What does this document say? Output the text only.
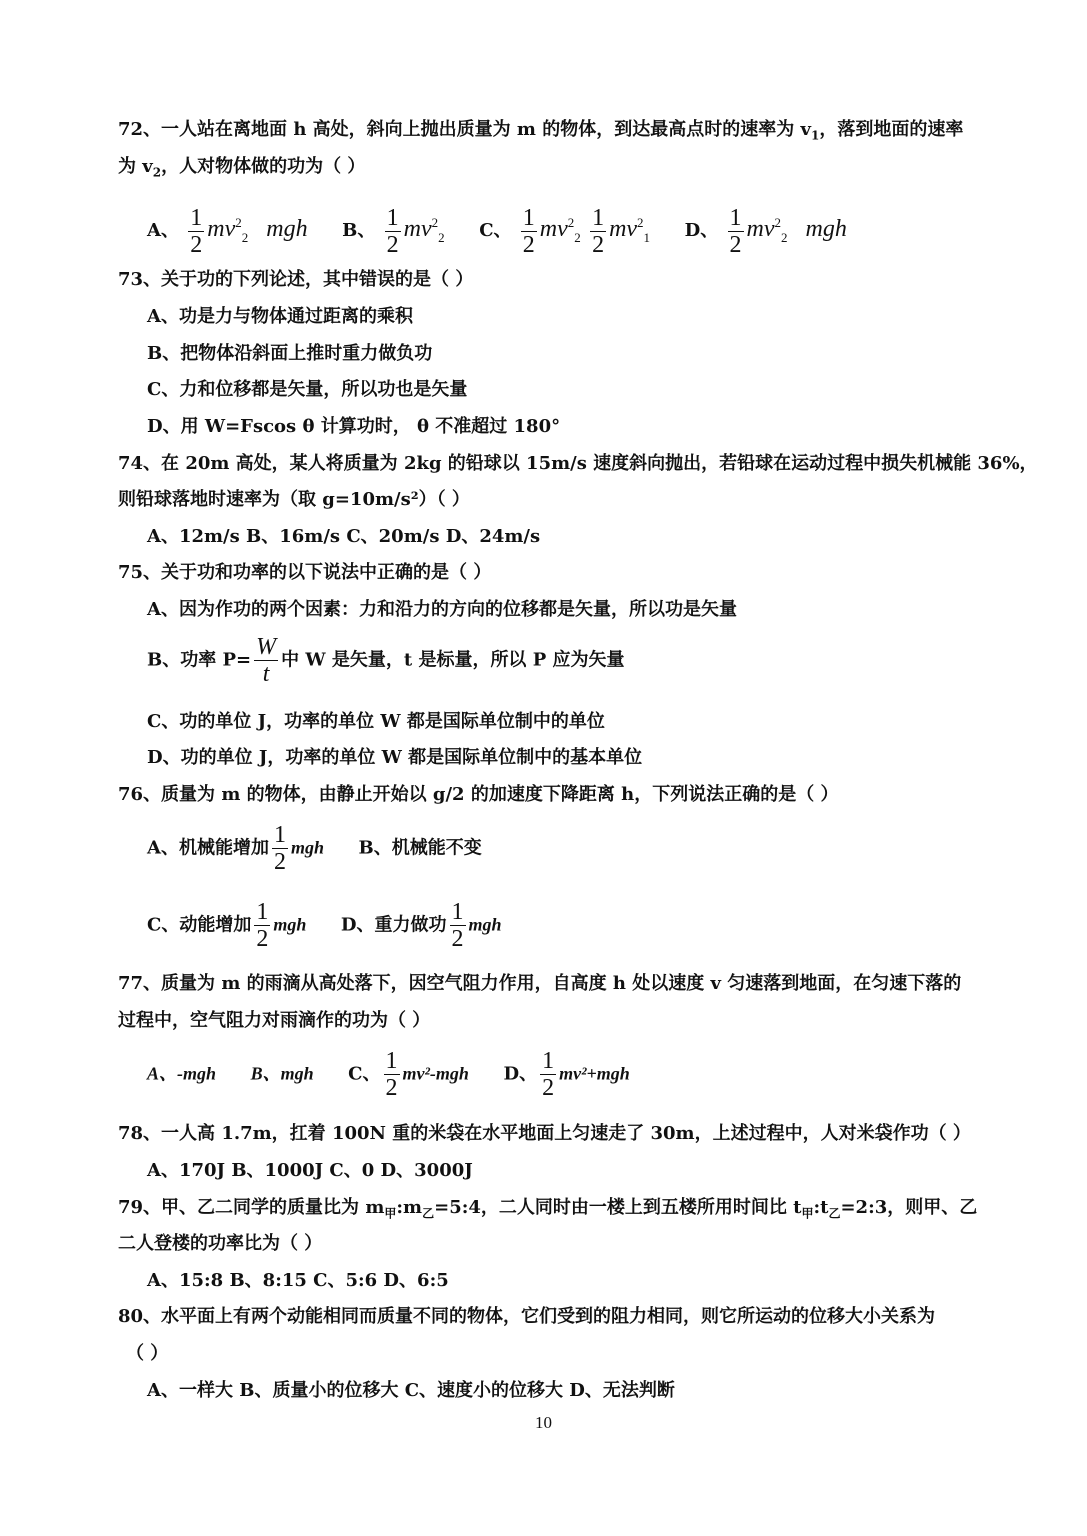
72、一人站在离地面 h 高处，斜向上抛出质量为 m 的物体，到达最高点时的速率为 $v_1$，落到地面的速率
为 $v_2$，人对物体做的功为（ ）
A、 $\frac{1}{2} mv^2_2$ mgh B、 $\frac{1}{2} mv^2_2$ C、 $\frac{1}{2} mv^2_2 \frac{1}{2} mv^2_1$ D、 $\frac{1}{2} mv^2_2$ mgh
73、关于功的下列论述，其中错误的是（ ）
A、功是力与物体通过距离的乘积
B、把物体沿斜面上推时重力做负功
C、力和位移都是矢量，所以功也是矢量
D、用 W=Fscos θ 计算功时， θ 不准超过 180°
74、在 20m 高处，某人将质量为 2kg 的铅球以 15m/s 速度斜向抛出，若铅球在运动过程中损失机械能 36%，
则铅球落地时速率为（取 g=10m/s²）（ ）
A、12m/s B、16m/s C、20m/s D、24m/s
75、关于功和功率的以下说法中正确的是（ ）
A、因为作功的两个因素：力和沿力的方向的位移都是矢量，所以功是矢量
B、功率 $P= \frac{W}{t}$ 中 W 是矢量，t 是标量，所以 P 应为矢量
C、功的单位 J，功率的单位 W 都是国际单位制中的单位
D、功的单位 J，功率的单位 W 都是国际单位制中的基本单位
76、质量为 m 的物体，由静止开始以 g/2 的加速度下降距离 h，下列说法正确的是（ ）
A、机械能增加 $\frac{1}{2}$ mgh B、机械能不变
C、动能增加 $\frac{1}{2}$ mgh D、重力做功 $\frac{1}{2}$ mgh
77、质量为 m 的雨滴从高处落下，因空气阻力作用，自高度 h 处以速度 v 匀速落到地面，在匀速下落的
过程中，空气阻力对雨滴作的功为（ ）
A、-mgh B、mgh C、 $\frac{1}{2} mv^2-mgh$ D、 $\frac{1}{2} mv^2+mgh$
78、一人高 1.7m，扛着 100N 重的米袋在水平地面上匀速走了 30m，上述过程中，人对米袋作功（ ）
A、170J B、1000J C、0 D、3000J
79、甲、乙二同学的质量比为 $m_甲:m_乙=5:4$，二人同时由一楼上到五楼所用时间比 $t_甲:t_乙=2:3$，则甲、乙
二人登楼的功率比为（ ）
A、15:8 B、8:15 C、5:6 D、6:5
80、水平面上有两个动能相同而质量不同的物体，它们受到的阻力相同，则它所运动的位移大小关系为
（ ）
A、一样大 B、质量小的位移大 C、速度小的位移大 D、无法判断
10
